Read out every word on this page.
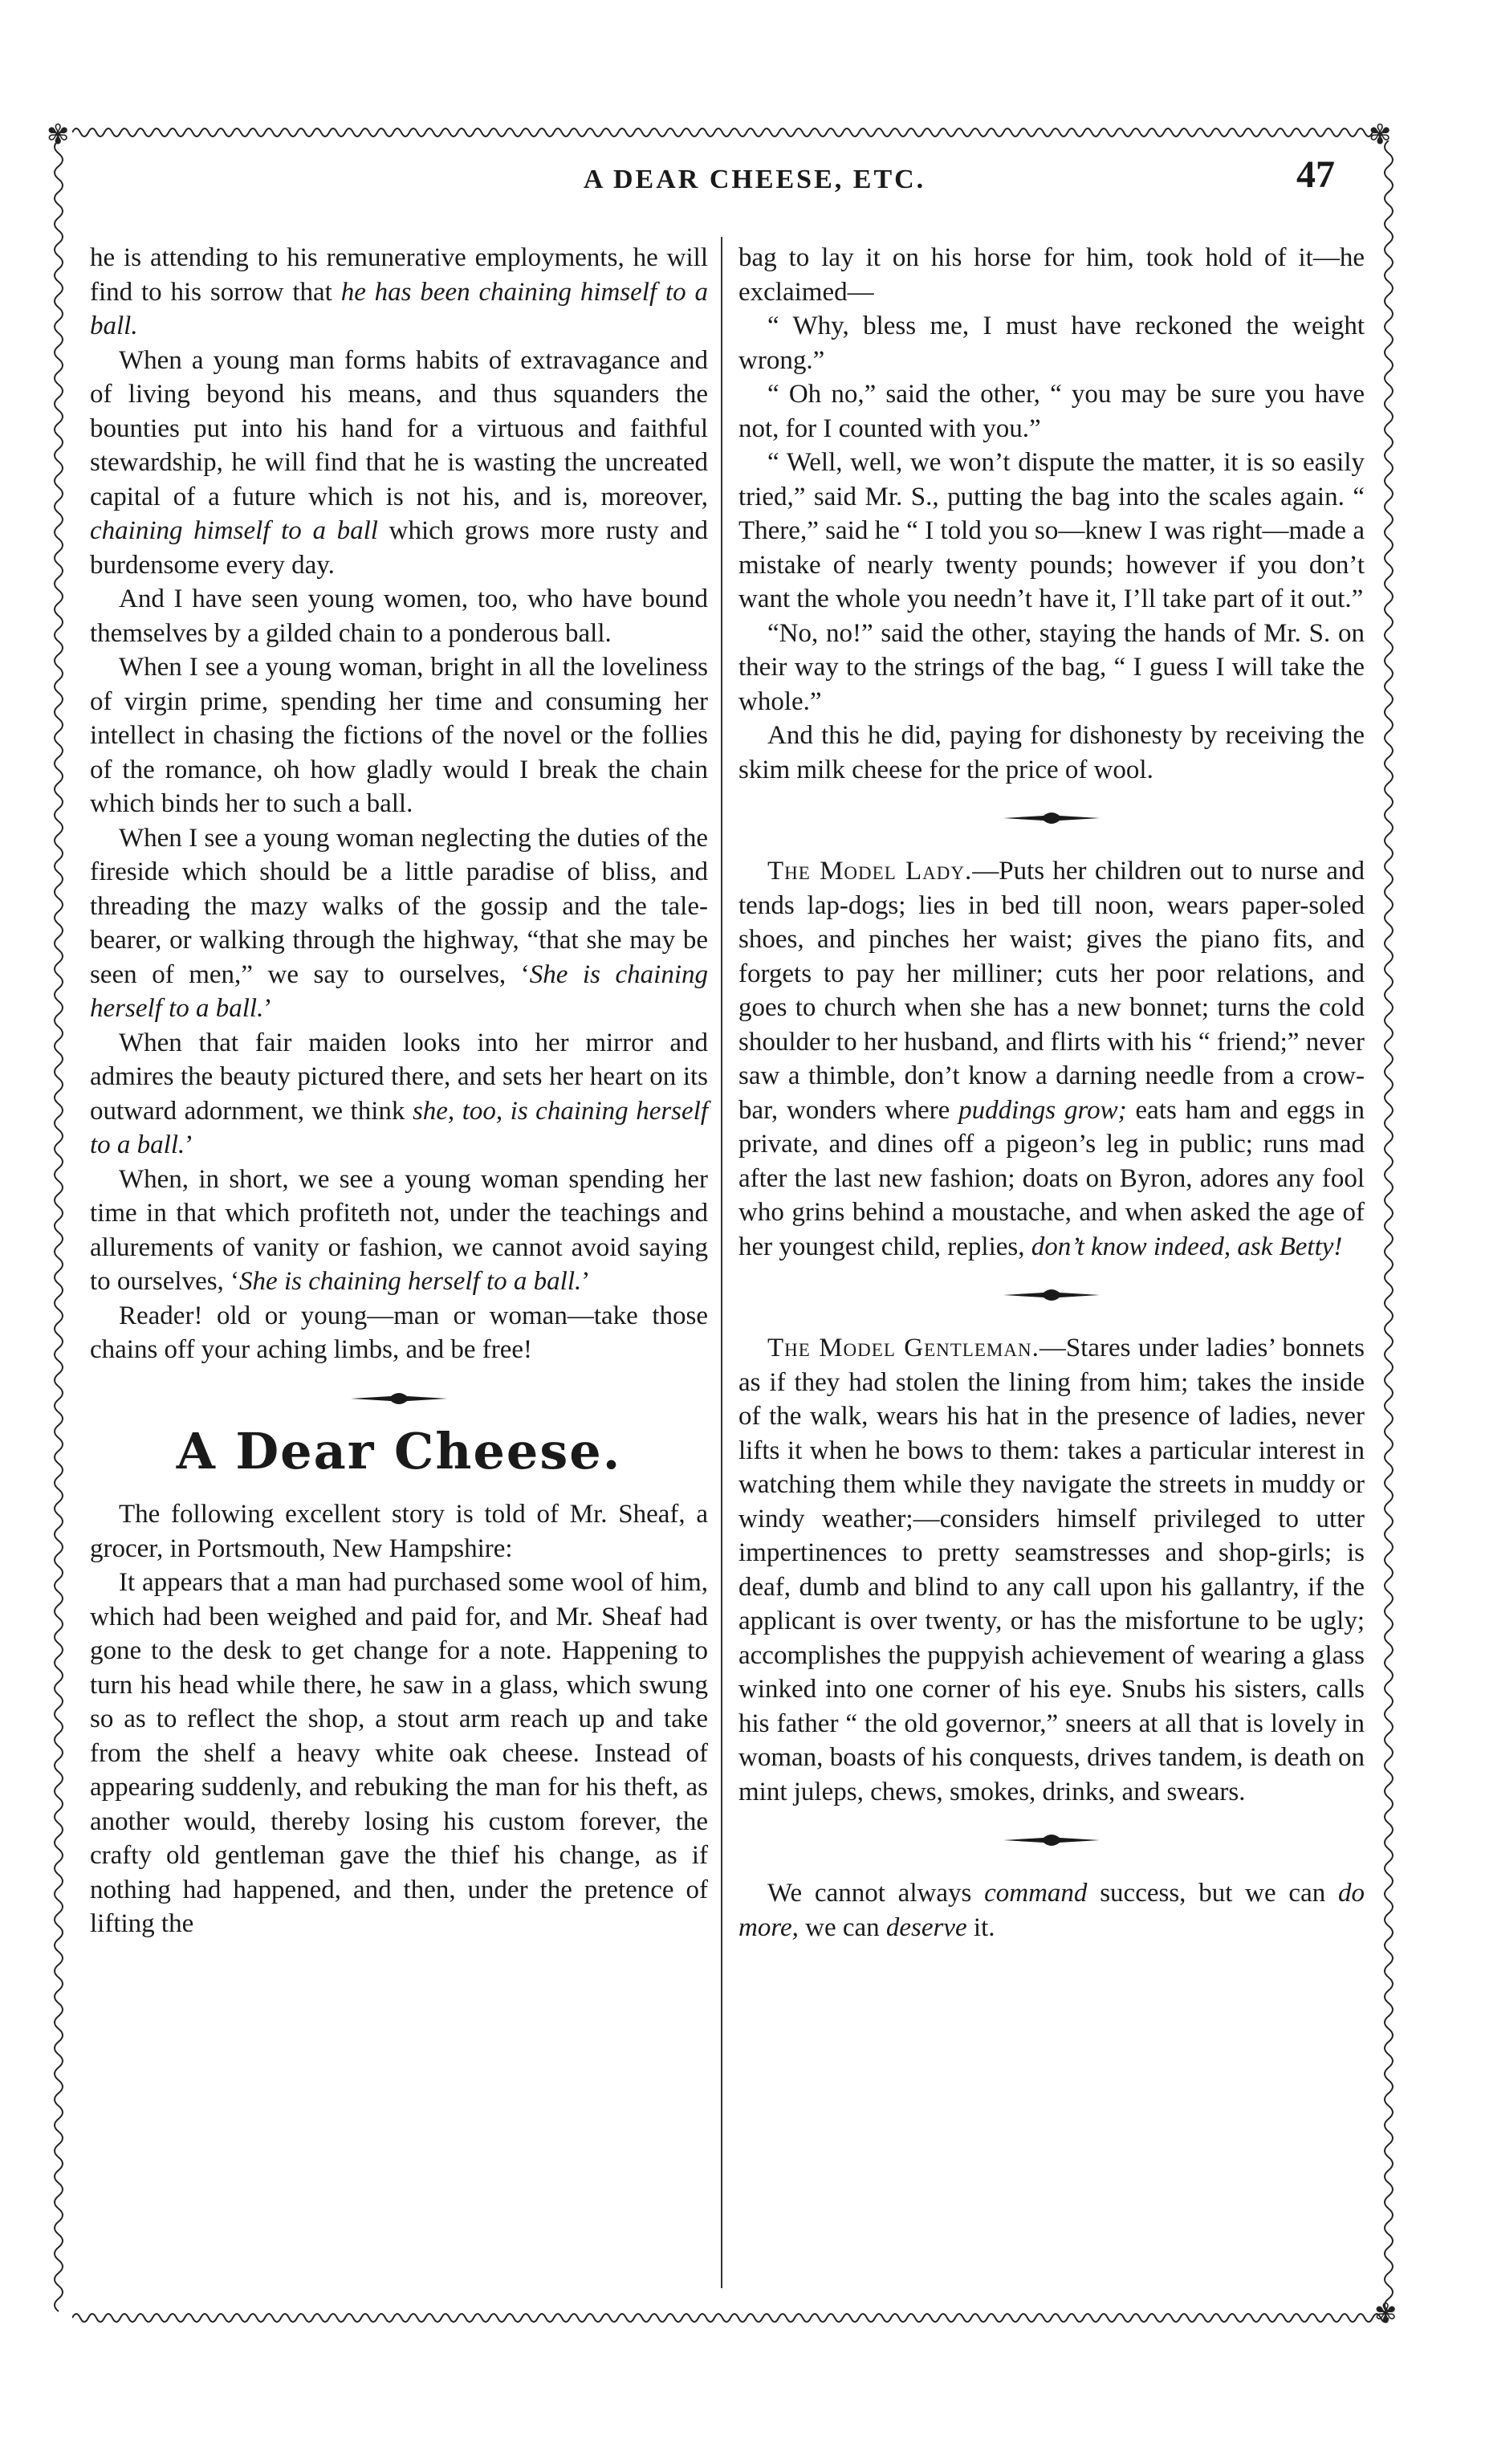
✾	✾
✾
A DEAR CHEESE, ETC.	47

he is attending to his remunerative employments, he will find to his sorrow that he has been chaining himself to a ball.

When a young man forms habits of extravagance and of living beyond his means, and thus squanders the bounties put into his hand for a virtuous and faithful stewardship, he will find that he is wasting the uncreated capital of a future which is not his, and is, moreover, chaining himself to a ball which grows more rusty and burdensome every day.

And I have seen young women, too, who have bound themselves by a gilded chain to a ponderous ball.

When I see a young woman, bright in all the loveliness of virgin prime, spending her time and consuming her intellect in chasing the fictions of the novel or the follies of the romance, oh how gladly would I break the chain which binds her to such a ball.

When I see a young woman neglecting the duties of the fireside which should be a little paradise of bliss, and threading the mazy walks of the gossip and the tale-bearer, or walking through the highway, “that she may be seen of men,” we say to ourselves, ‘She is chaining herself to a ball.’

When that fair maiden looks into her mirror and admires the beauty pictured there, and sets her heart on its outward adornment, we think she, too, is chaining herself to a ball.’

When, in short, we see a young woman spending her time in that which profiteth not, under the teachings and allurements of vanity or fashion, we cannot avoid saying to ourselves, ‘She is chaining herself to a ball.’

Reader! old or young—man or woman—take those chains off your aching limbs, and be free!

A Dear Cheese.

The following excellent story is told of Mr. Sheaf, a grocer, in Portsmouth, New Hampshire:

It appears that a man had purchased some wool of him, which had been weighed and paid for, and Mr. Sheaf had gone to the desk to get change for a note. Happening to turn his head while there, he saw in a glass, which swung so as to reflect the shop, a stout arm reach up and take from the shelf a heavy white oak cheese. Instead of appearing suddenly, and rebuking the man for his theft, as another would, thereby losing his custom forever, the crafty old gentleman gave the thief his change, as if nothing had happened, and then, under the pretence of lifting the

bag to lay it on his horse for him, took hold of it—he exclaimed—

“ Why, bless me, I must have reckoned the weight wrong.”

“ Oh no,” said the other, “ you may be sure you have not, for I counted with you.”

“ Well, well, we won’t dispute the matter, it is so easily tried,” said Mr. S., putting the bag into the scales again. “ There,” said he “ I told you so—knew I was right—made a mistake of nearly twenty pounds; however if you don’t want the whole you needn’t have it, I’ll take part of it out.”

“No, no!” said the other, staying the hands of Mr. S. on their way to the strings of the bag, “ I guess I will take the whole.”

And this he did, paying for dishonesty by receiving the skim milk cheese for the price of wool.

The Model Lady.—Puts her children out to nurse and tends lap-dogs; lies in bed till noon, wears paper-soled shoes, and pinches her waist; gives the piano fits, and forgets to pay her milliner; cuts her poor relations, and goes to church when she has a new bonnet; turns the cold shoulder to her husband, and flirts with his “ friend;” never saw a thimble, don’t know a darning needle from a crow-bar, wonders where puddings grow; eats ham and eggs in private, and dines off a pigeon’s leg in public; runs mad after the last new fashion; doats on Byron, adores any fool who grins behind a moustache, and when asked the age of her youngest child, replies, don’t know indeed, ask Betty!

The Model Gentleman.—Stares under ladies’ bonnets as if they had stolen the lining from him; takes the inside of the walk, wears his hat in the presence of ladies, never lifts it when he bows to them: takes a particular interest in watching them while they navigate the streets in muddy or windy weather;—considers himself privileged to utter impertinences to pretty seamstresses and shop-girls; is deaf, dumb and blind to any call upon his gallantry, if the applicant is over twenty, or has the misfortune to be ugly; accomplishes the puppyish achievement of wearing a glass winked into one corner of his eye. Snubs his sisters, calls his father “ the old governor,” sneers at all that is lovely in woman, boasts of his conquests, drives tandem, is death on mint juleps, chews, smokes, drinks, and swears.

We cannot always command success, but we can do more, we can deserve it.
